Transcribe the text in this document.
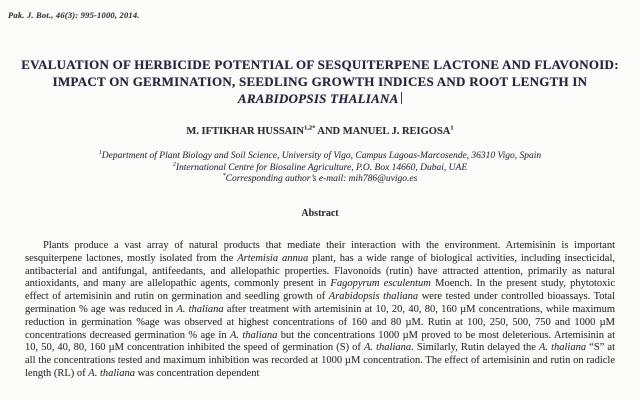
Pak. J. Bot., 46(3): 995-1000, 2014.
EVALUATION OF HERBICIDE POTENTIAL OF SESQUITERPENE LACTONE AND FLAVONOID: IMPACT ON GERMINATION, SEEDLING GROWTH INDICES AND ROOT LENGTH IN ARABIDOPSIS THALIANA
M. IFTIKHAR $HUSSAIN^{1,2*}$ AND MANUEL J. REIGOSA$^1$
$^1$Department of Plant Biology and Soil Science, University of Vigo, Campus Lagoas-Marcosende, 36310 Vigo, Spain
$^2$International Centre for Biosaline Agriculture, P.O. Box 14660, Dubai, UAE
*Corresponding author’s e-mail: mih786@uvigo.es
Abstract

Plants produce a vast array of natural products that mediate their interaction with the environment. Artemisinin is important sesquiterpene lactones, mostly isolated from the Artemisia annua plant, has a wide range of biological activities, including insecticidal, antibacterial and antifungal, antifeedants, and allelopathic properties. Flavonoids (rutin) have attracted attention, primarily as natural antioxidants, and many are allelopathic agents, commonly present in Fagopyrum esculentum Moench. In the present study, phytotoxic effect of artemisinin and rutin on germination and seedling growth of Arabidopsis thaliana were tested under controlled bioassays. Total germination % age was reduced in A. thaliana after treatment with artemisinin at 10, 20, 40, 80, 160 µM concentrations, while maximum reduction in germination %age was observed at highest concentrations of 160 and 80 µM. Rutin at 100, 250, 500, 750 and 1000 µM concentrations decreased germination % age in A. thaliana but the concentrations 1000 µM proved to be most deleterious. Artemisinin at 10, 50, 40, 80, 160 µM concentration inhibited the speed of germination (S) of A. thaliana. Similarly, Rutin delayed the A. thaliana “S” at all the concentrations tested and maximum inhibition was recorded at 1000 µM concentration. The effect of artemisinin and rutin on radicle length (RL) of A. thaliana was concentration dependent
